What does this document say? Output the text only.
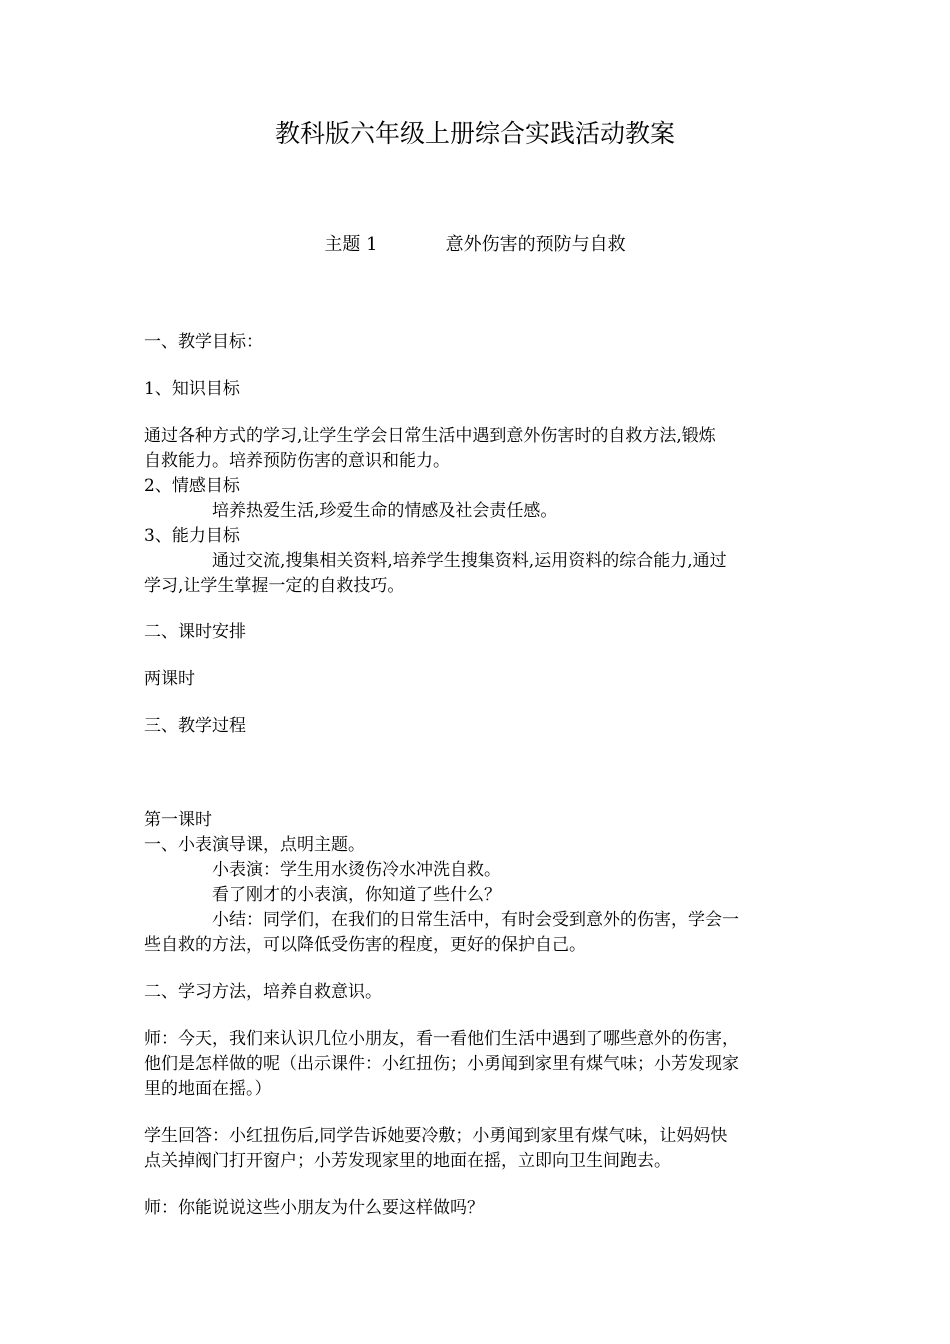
教科版六年级上册综合实践活动教案

主题 1	意外伤害的预防与自救

一、教学目标：

1、知识目标

通过各种方式的学习,让学生学会日常生活中遇到意外伤害时的自救方法,锻炼

自救能力。培养预防伤害的意识和能力。

2、情感目标

培养热爱生活,珍爱生命的情感及社会责任感。

3、能力目标

通过交流,搜集相关资料,培养学生搜集资料,运用资料的综合能力,通过

学习,让学生掌握一定的自救技巧。

二、课时安排

两课时

三、教学过程

第一课时

一、小表演导课，点明主题。

小表演：学生用水烫伤冷水冲洗自救。

看了刚才的小表演，你知道了些什么？

小结：同学们，在我们的日常生活中，有时会受到意外的伤害，学会一

些自救的方法，可以降低受伤害的程度，更好的保护自己。

二、学习方法，培养自救意识。

师：今天，我们来认识几位小朋友，看一看他们生活中遇到了哪些意外的伤害，

他们是怎样做的呢（出示课件：小红扭伤；小勇闻到家里有煤气味；小芳发现家

里的地面在摇。）

学生回答：小红扭伤后,同学告诉她要冷敷；小勇闻到家里有煤气味，让妈妈快

点关掉阀门打开窗户；小芳发现家里的地面在摇，立即向卫生间跑去。

师：你能说说这些小朋友为什么要这样做吗？
